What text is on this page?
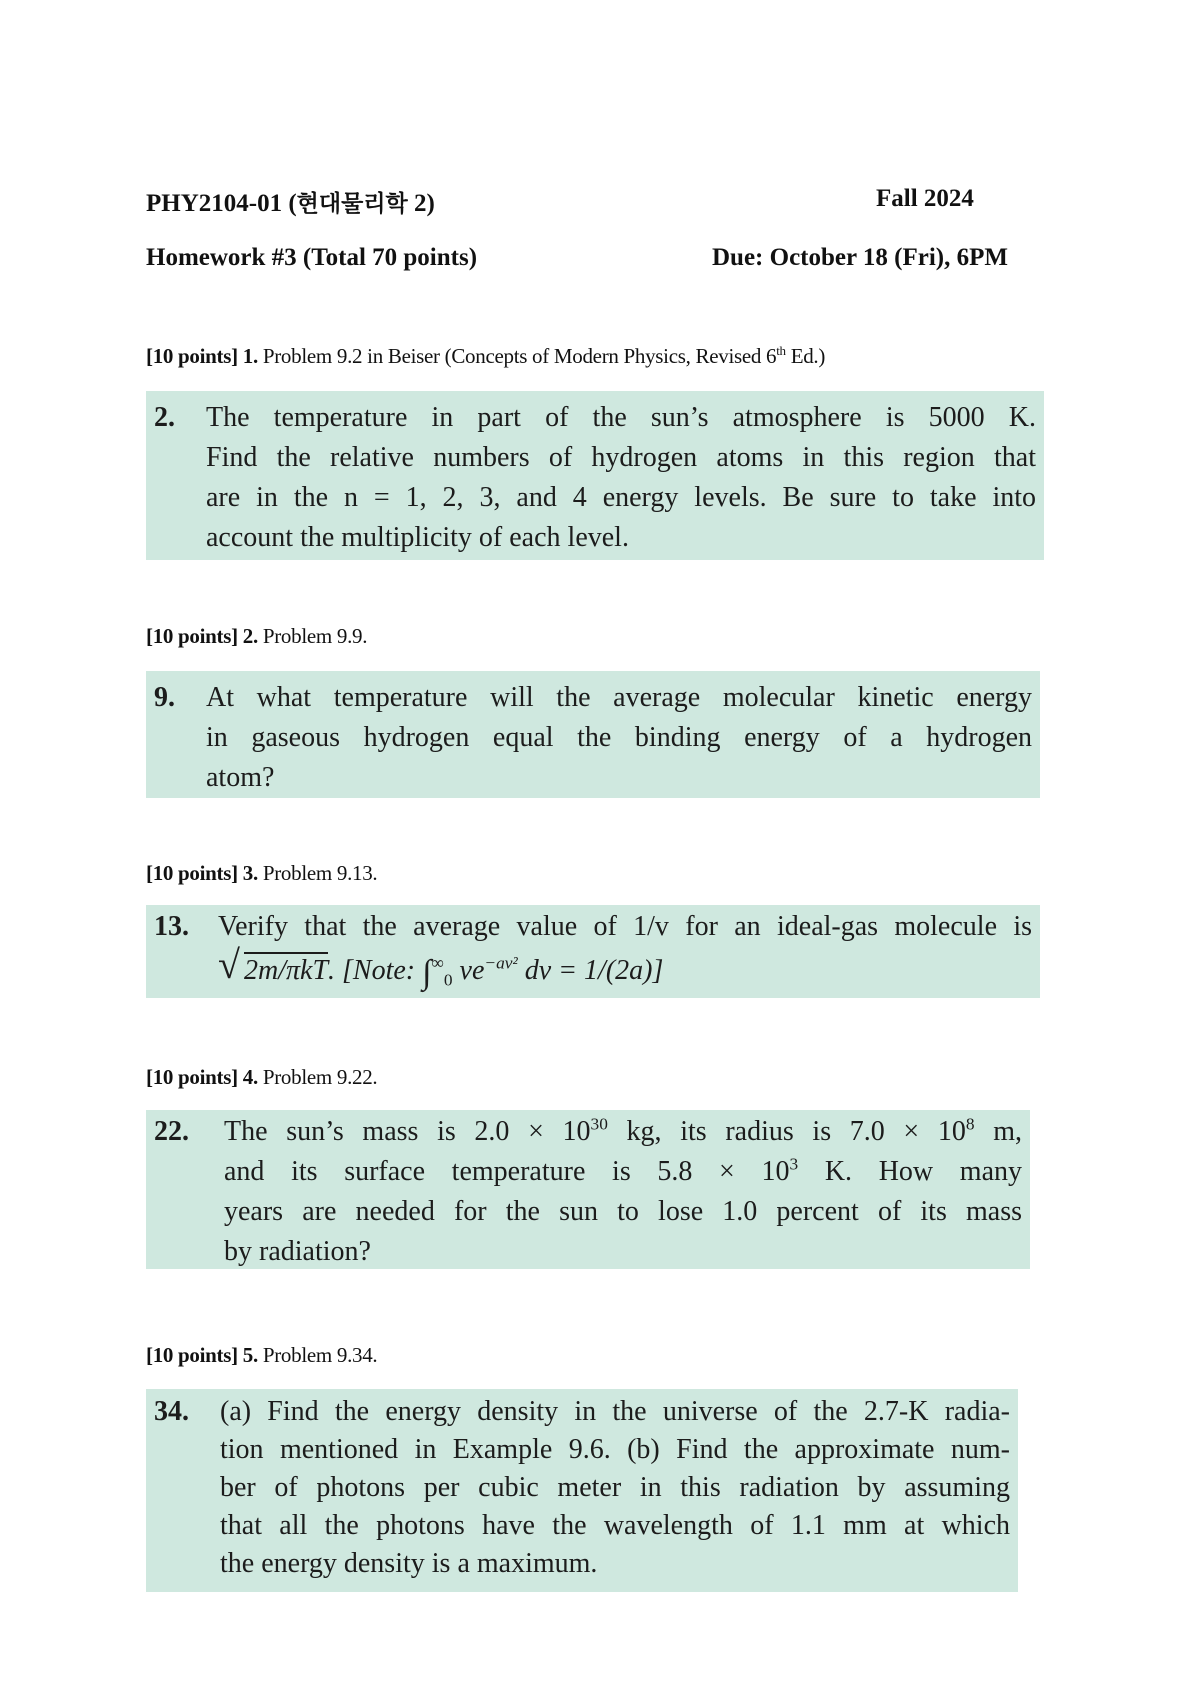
PHY2104-01 (현대물리학 2)	Fall 2024
Homework #3 (Total 70 points)	Due: October 18 (Fri), 6PM
[10 points] 1. Problem 9.2 in Beiser (Concepts of Modern Physics, Revised 6th Ed.)
2. The temperature in part of the sun’s atmosphere is 5000 K.
Find the relative numbers of hydrogen atoms in this region that
are in the n = 1, 2, 3, and 4 energy levels. Be sure to take into
account the multiplicity of each level.
[10 points] 2. Problem 9.9.
9. At what temperature will the average molecular kinetic energy
in gaseous hydrogen equal the binding energy of a hydrogen
atom?
[10 points] 3. Problem 9.13.
13. Verify that the average value of 1/v for an ideal-gas molecule is
√ 2m/πkT. [Note: $\int^\infty_0$ $ve^{-av^2}$ dv = 1/(2a)]
[10 points] 4. Problem 9.22.
22. The sun’s mass is $2.0 \times 10^{30}$ kg, its radius is $7.0 \times 10^8$ m,
and its surface temperature is $5.8 \times 10^3$ K. How many
years are needed for the sun to lose 1.0 percent of its mass
by radiation?
[10 points] 5. Problem 9.34.
34. (a) Find the energy density in the universe of the 2.7-K radia-
tion mentioned in Example 9.6. (b) Find the approximate num-
ber of photons per cubic meter in this radiation by assuming
that all the photons have the wavelength of 1.1 mm at which
the energy density is a maximum.
